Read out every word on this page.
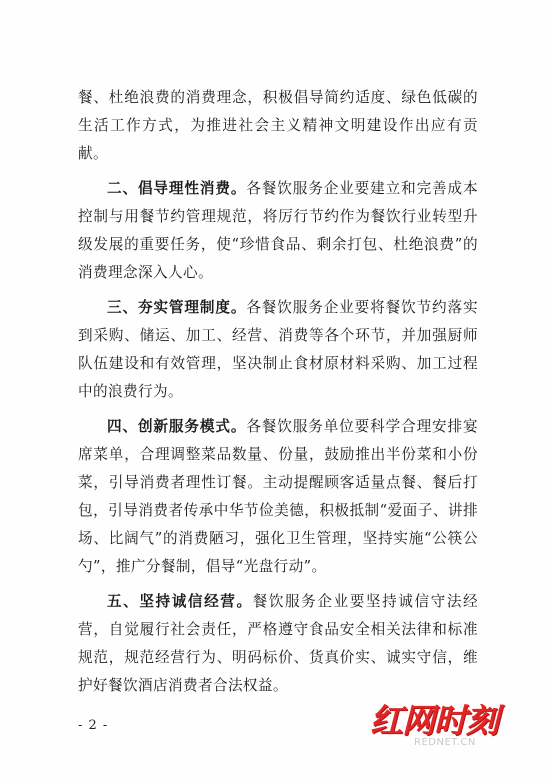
餐、杜绝浪费的消费理念，积极倡导简约适度、绿色低碳的生活工作方式，为推进社会主义精神文明建设作出应有贡献。

二、倡导理性消费。各餐饮服务企业要建立和完善成本控制与用餐节约管理规范，将厉行节约作为餐饮行业转型升级发展的重要任务，使“珍惜食品、剩余打包、杜绝浪费”的消费理念深入人心。

三、夯实管理制度。各餐饮服务企业要将餐饮节约落实到采购、储运、加工、经营、消费等各个环节，并加强厨师队伍建设和有效管理，坚决制止食材原材料采购、加工过程中的浪费行为。

四、创新服务模式。各餐饮服务单位要科学合理安排宴席菜单，合理调整菜品数量、份量，鼓励推出半份菜和小份菜，引导消费者理性订餐。主动提醒顾客适量点餐、餐后打包，引导消费者传承中华节俭美德，积极抵制“爱面子、讲排场、比阔气”的消费陋习，强化卫生管理，坚持实施“公筷公勺”，推广分餐制，倡导“光盘行动”。

五、坚持诚信经营。餐饮服务企业要坚持诚信守法经营，自觉履行社会责任，严格遵守食品安全相关法律和标准规范，规范经营行为、明码标价、货真价实、诚实守信，维护好餐饮酒店消费者合法权益。

- 2 -	红网时刻
REDNET.CN
